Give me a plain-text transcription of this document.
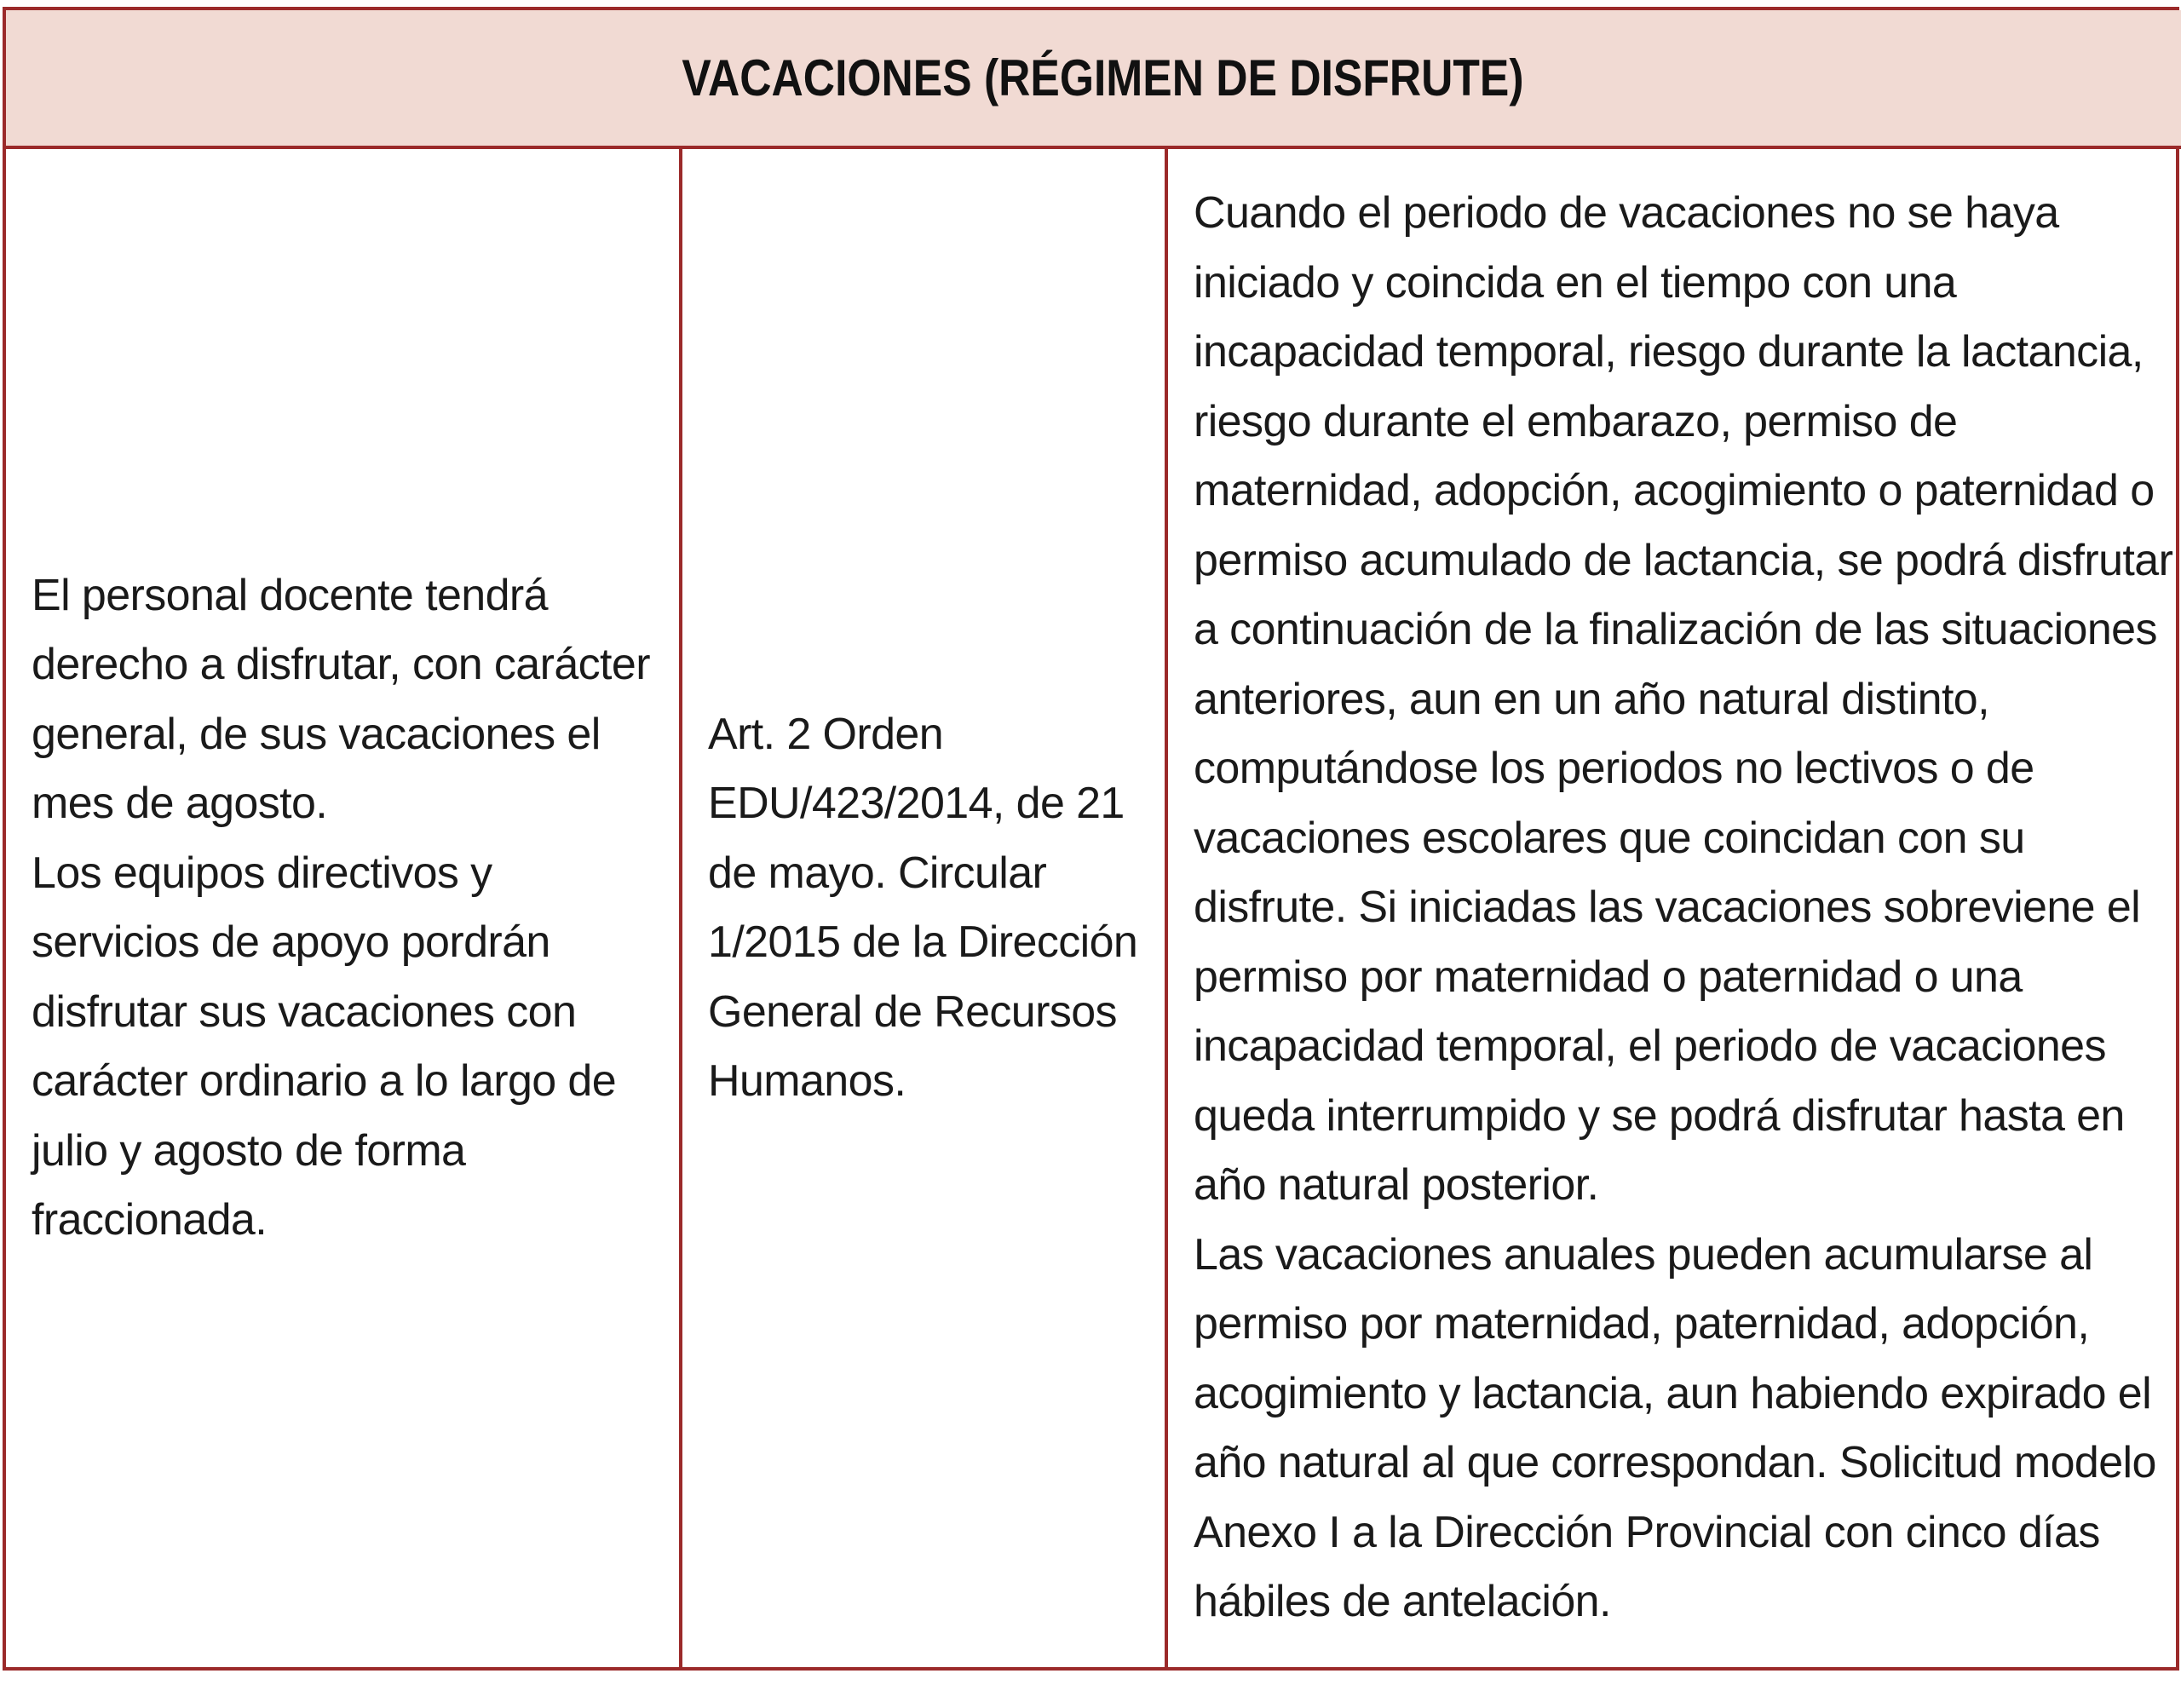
VACACIONES (RÉGIMEN DE DISFRUTE)

El personal docente tendrá derecho a disfrutar, con carácter general, de sus vacaciones el mes de agosto.

Los equipos directivos y servicios de apoyo pordrán disfrutar sus vacaciones con carácter ordinario a lo largo de julio y agosto de forma fraccionada.

Art. 2 Orden EDU/423/2014, de 21 de mayo. Circular 1/2015 de la Dirección General de Recursos Humanos.

Cuando el periodo de vacaciones no se haya iniciado y coincida en el tiempo con una incapacidad temporal, riesgo durante la lactancia, riesgo durante el embarazo, permiso de maternidad, adopción, acogimiento o paternidad o permiso acumulado de lactancia, se podrá disfrutar a continuación de la finalización de las situaciones anteriores, aun en un año natural distinto, computándose los periodos no lectivos o de vacaciones escolares que coincidan con su disfrute. Si iniciadas las vacaciones sobreviene el permiso por maternidad o paternidad o una incapacidad temporal, el periodo de vacaciones queda interrumpido y se podrá disfrutar hasta en año natural posterior.

Las vacaciones anuales pueden acumularse al permiso por maternidad, paternidad, adopción, acogimiento y lactancia, aun habiendo expirado el año natural al que correspondan. Solicitud modelo Anexo I a la Dirección Provincial con cinco días hábiles de antelación.
